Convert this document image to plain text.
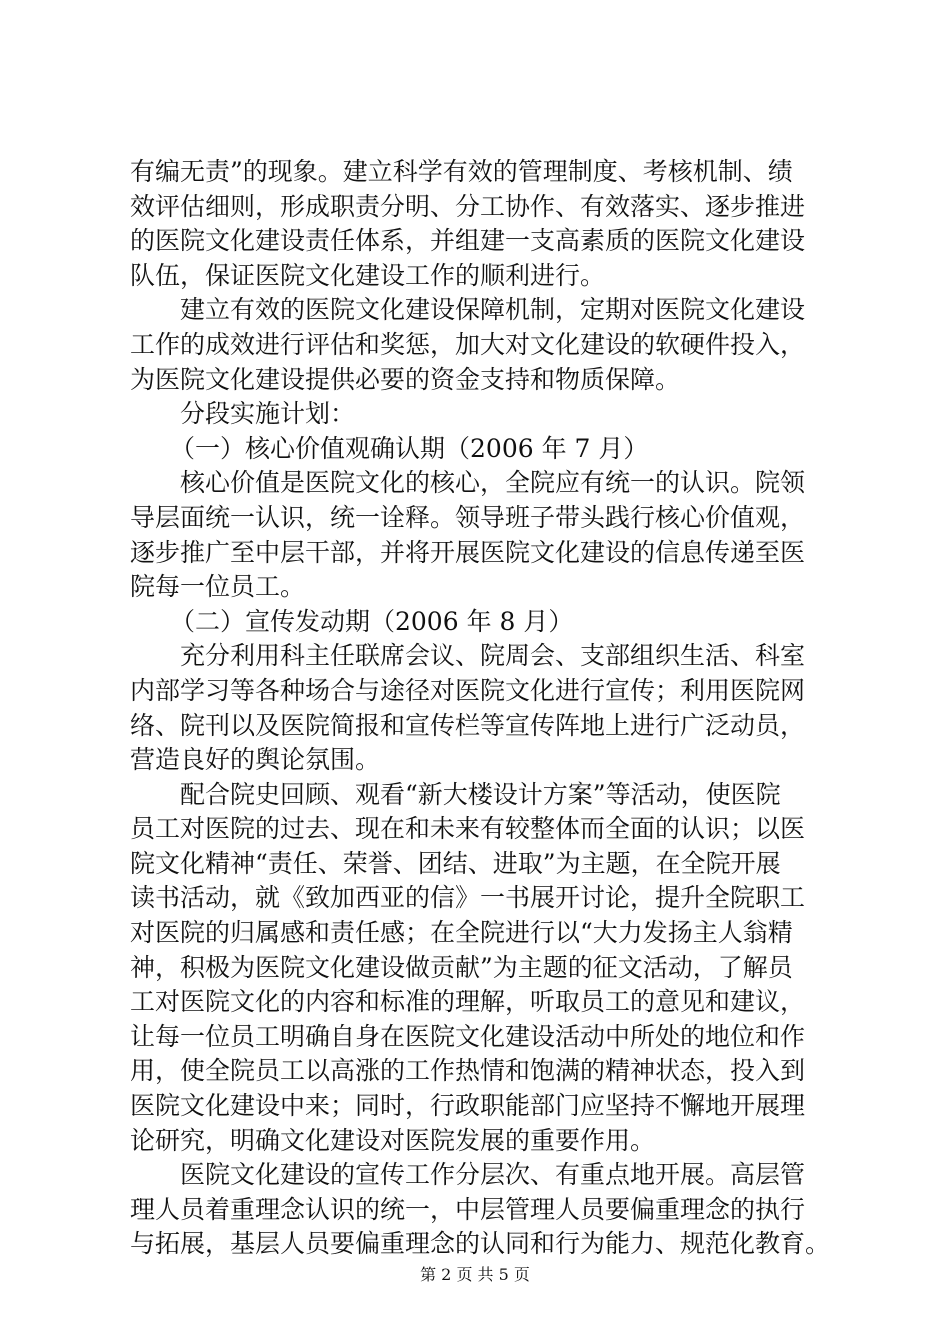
有编无责”的现象。建立科学有效的管理制度、考核机制、绩
效评估细则，形成职责分明、分工协作、有效落实、逐步推进
的医院文化建设责任体系，并组建一支高素质的医院文化建设
队伍，保证医院文化建设工作的顺利进行。
建立有效的医院文化建设保障机制，定期对医院文化建设
工作的成效进行评估和奖惩，加大对文化建设的软硬件投入，
为医院文化建设提供必要的资金支持和物质保障。
分段实施计划：
（一）核心价值观确认期（2006 年 7 月）
核心价值是医院文化的核心，全院应有统一的认识。院领
导层面统一认识，统一诠释。领导班子带头践行核心价值观，
逐步推广至中层干部，并将开展医院文化建设的信息传递至医
院每一位员工。
（二）宣传发动期（2006 年 8 月）
充分利用科主任联席会议、院周会、支部组织生活、科室
内部学习等各种场合与途径对医院文化进行宣传；利用医院网
络、院刊以及医院简报和宣传栏等宣传阵地上进行广泛动员，
营造良好的舆论氛围。
配合院史回顾、观看“新大楼设计方案”等活动，使医院
员工对医院的过去、现在和未来有较整体而全面的认识；以医
院文化精神“责任、荣誉、团结、进取”为主题，在全院开展
读书活动，就《致加西亚的信》一书展开讨论，提升全院职工
对医院的归属感和责任感；在全院进行以“大力发扬主人翁精
神，积极为医院文化建设做贡献”为主题的征文活动，了解员
工对医院文化的内容和标准的理解，听取员工的意见和建议，
让每一位员工明确自身在医院文化建设活动中所处的地位和作
用，使全院员工以高涨的工作热情和饱满的精神状态，投入到
医院文化建设中来；同时，行政职能部门应坚持不懈地开展理
论研究，明确文化建设对医院发展的重要作用。
医院文化建设的宣传工作分层次、有重点地开展。高层管
理人员着重理念认识的统一，中层管理人员要偏重理念的执行
与拓展，基层人员要偏重理念的认同和行为能力、规范化教育。
第 2 页 共 5 页
